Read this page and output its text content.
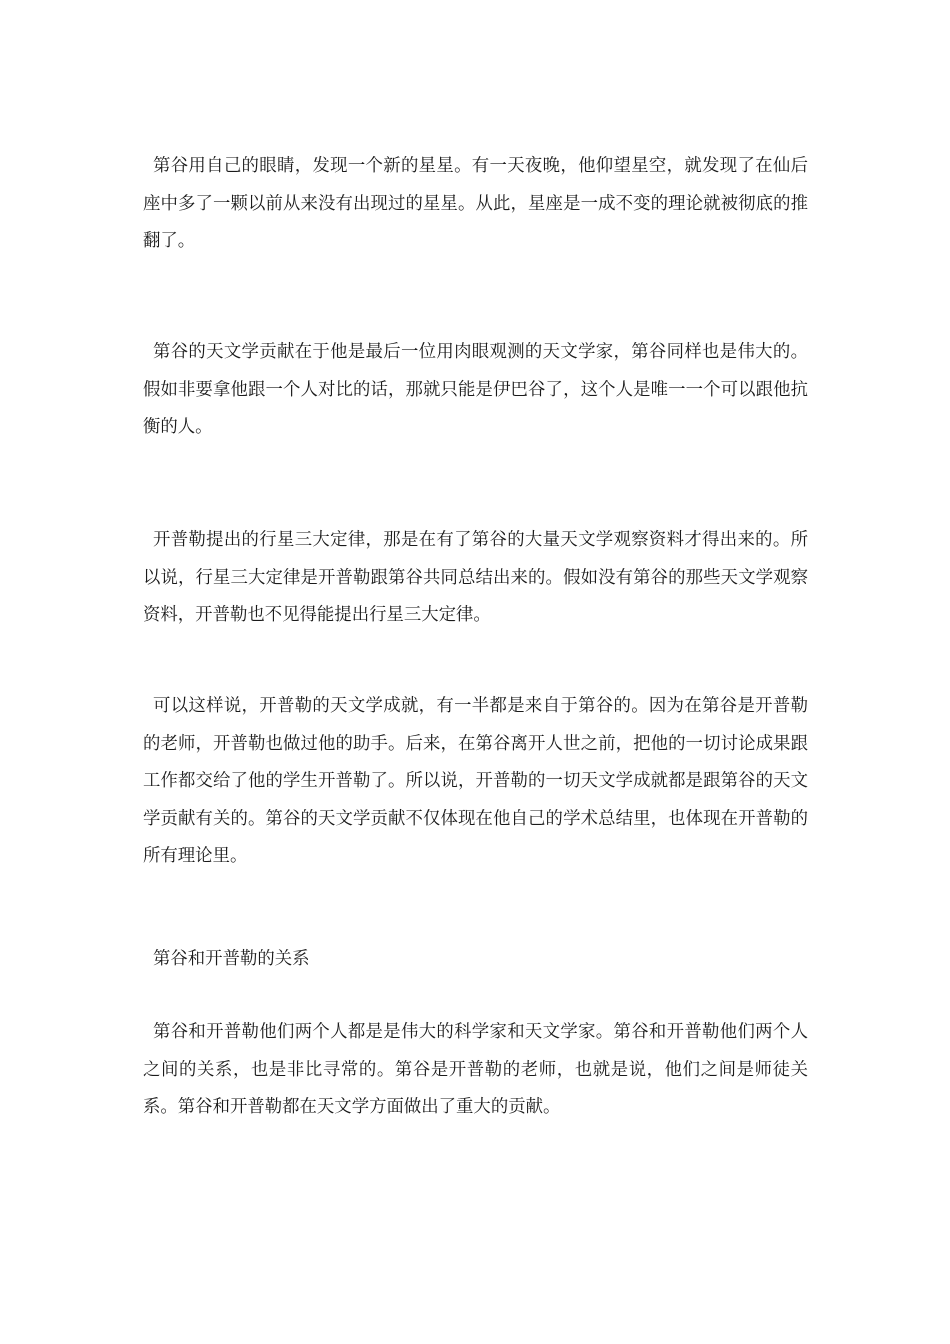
第谷用自己的眼睛，发现一个新的星星。有一天夜晚，他仰望星空，就发现了在仙后座中多了一颗以前从来没有出现过的星星。从此，星座是一成不变的理论就被彻底的推翻了。

第谷的天文学贡献在于他是最后一位用肉眼观测的天文学家，第谷同样也是伟大的。假如非要拿他跟一个人对比的话，那就只能是伊巴谷了，这个人是唯一一个可以跟他抗衡的人。

开普勒提出的行星三大定律，那是在有了第谷的大量天文学观察资料才得出来的。所以说，行星三大定律是开普勒跟第谷共同总结出来的。假如没有第谷的那些天文学观察资料，开普勒也不见得能提出行星三大定律。

可以这样说，开普勒的天文学成就，有一半都是来自于第谷的。因为在第谷是开普勒的老师，开普勒也做过他的助手。后来，在第谷离开人世之前，把他的一切讨论成果跟工作都交给了他的学生开普勒了。所以说，开普勒的一切天文学成就都是跟第谷的天文学贡献有关的。第谷的天文学贡献不仅体现在他自己的学术总结里，也体现在开普勒的所有理论里。

第谷和开普勒的关系

第谷和开普勒他们两个人都是是伟大的科学家和天文学家。第谷和开普勒他们两个人之间的关系，也是非比寻常的。第谷是开普勒的老师，也就是说，他们之间是师徒关系。第谷和开普勒都在天文学方面做出了重大的贡献。
